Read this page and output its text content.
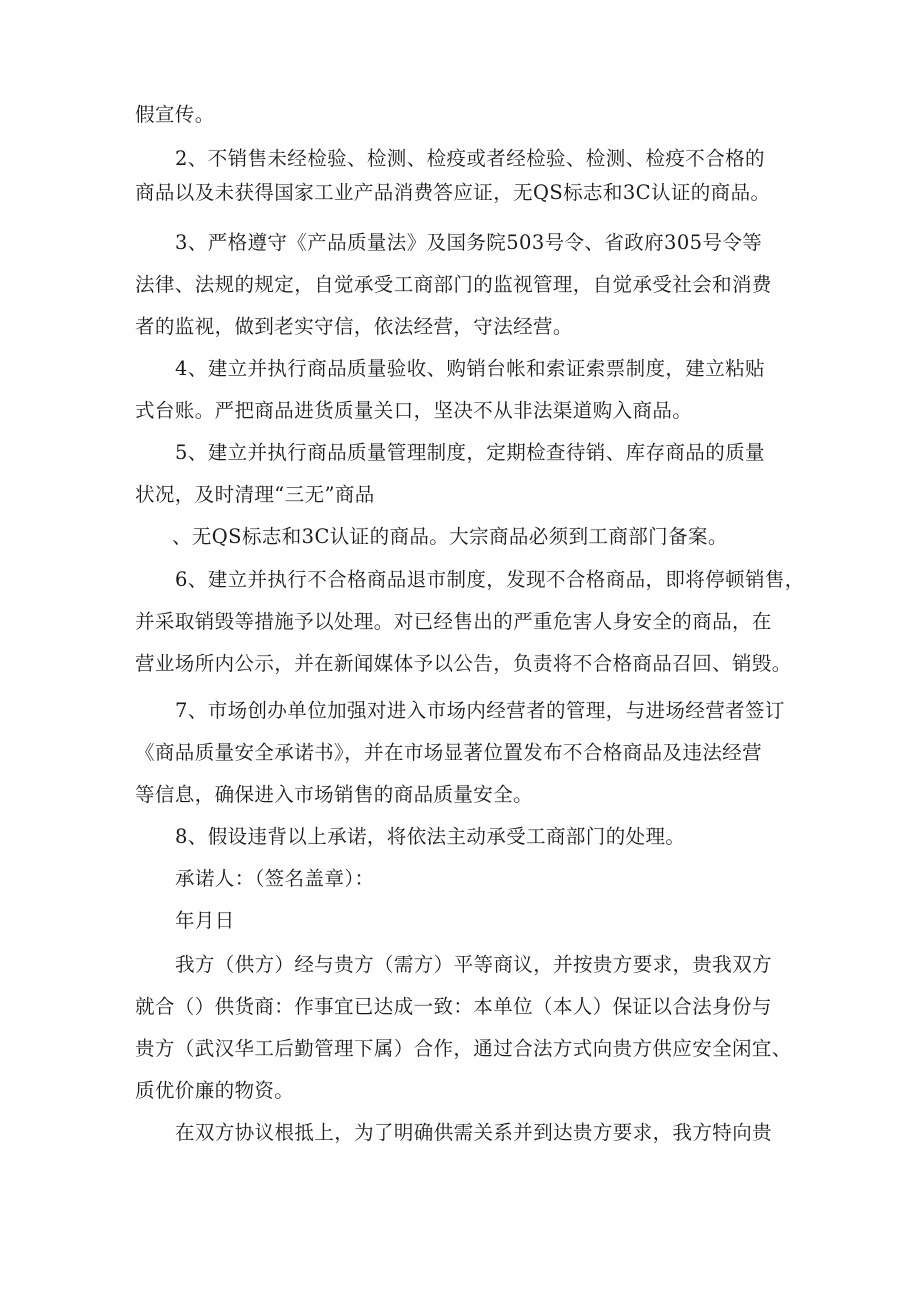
假宣传。

2、不销售未经检验、检测、检疫或者经检验、检测、检疫不合格的

商品以及未获得国家工业产品消费答应证，无QS标志和3C认证的商品。

3、严格遵守《产品质量法》及国务院503号令、省政府305号令等

法律、法规的规定，自觉承受工商部门的监视管理，自觉承受社会和消费

者的监视，做到老实守信，依法经营，守法经营。

4、建立并执行商品质量验收、购销台帐和索证索票制度，建立粘贴

式台账。严把商品进货质量关口，坚决不从非法渠道购入商品。

5、建立并执行商品质量管理制度，定期检查待销、库存商品的质量

状况，及时清理“三无”商品

、无QS标志和3C认证的商品。大宗商品必须到工商部门备案。

6、建立并执行不合格商品退市制度，发现不合格商品，即将停顿销售，

并采取销毁等措施予以处理。对已经售出的严重危害人身安全的商品，在

营业场所内公示，并在新闻媒体予以公告，负责将不合格商品召回、销毁。

7、市场创办单位加强对进入市场内经营者的管理，与进场经营者签订

《商品质量安全承诺书》，并在市场显著位置发布不合格商品及违法经营

等信息，确保进入市场销售的商品质量安全。

8、假设违背以上承诺，将依法主动承受工商部门的处理。

承诺人：（签名盖章）：

年月日

我方（供方）经与贵方（需方）平等商议，并按贵方要求，贵我双方

就合（）供货商：作事宜已达成一致：本单位（本人）保证以合法身份与

贵方（武汉华工后勤管理下属）合作，通过合法方式向贵方供应安全闲宜、

质优价廉的物资。

在双方协议根抵上，为了明确供需关系并到达贵方要求，我方特向贵
